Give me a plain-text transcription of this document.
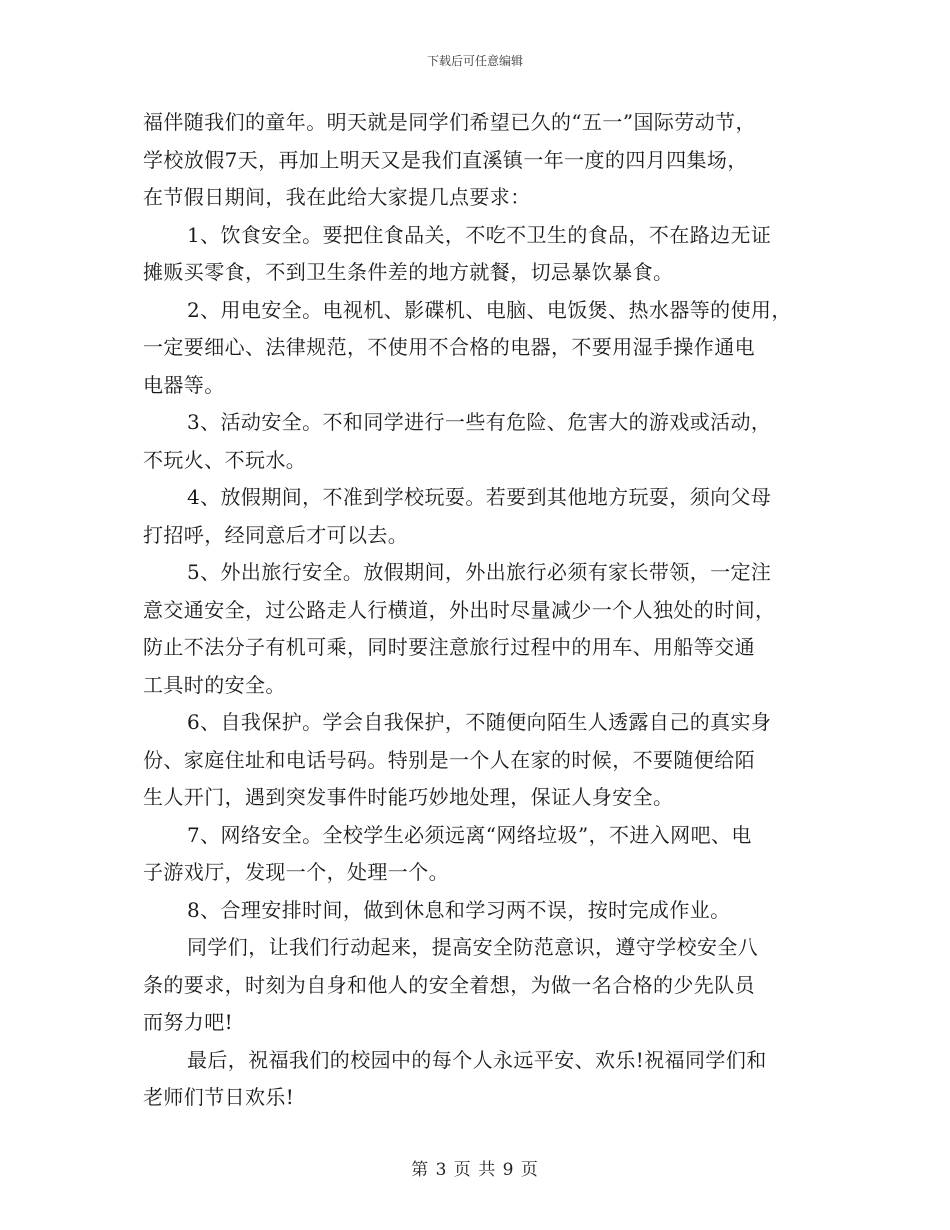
下载后可任意编辑
福伴随我们的童年。明天就是同学们希望已久的“五一”国际劳动节，
学校放假7天，再加上明天又是我们直溪镇一年一度的四月四集场，
在节假日期间，我在此给大家提几点要求：
1、饮食安全。要把住食品关，不吃不卫生的食品，不在路边无证
摊贩买零食，不到卫生条件差的地方就餐，切忌暴饮暴食。
2、用电安全。电视机、影碟机、电脑、电饭煲、热水器等的使用，
一定要细心、法律规范，不使用不合格的电器，不要用湿手操作通电
电器等。
3、活动安全。不和同学进行一些有危险、危害大的游戏或活动，
不玩火、不玩水。
4、放假期间，不准到学校玩耍。若要到其他地方玩耍，须向父母
打招呼，经同意后才可以去。
5、外出旅行安全。放假期间，外出旅行必须有家长带领，一定注
意交通安全，过公路走人行横道，外出时尽量减少一个人独处的时间，
防止不法分子有机可乘，同时要注意旅行过程中的用车、用船等交通
工具时的安全。
6、自我保护。学会自我保护，不随便向陌生人透露自己的真实身
份、家庭住址和电话号码。特别是一个人在家的时候，不要随便给陌
生人开门，遇到突发事件时能巧妙地处理，保证人身安全。
7、网络安全。全校学生必须远离“网络垃圾”，不进入网吧、电
子游戏厅，发现一个，处理一个。
8、合理安排时间，做到休息和学习两不误，按时完成作业。
同学们，让我们行动起来，提高安全防范意识，遵守学校安全八
条的要求，时刻为自身和他人的安全着想，为做一名合格的少先队员
而努力吧!
最后，祝福我们的校园中的每个人永远平安、欢乐!祝福同学们和
老师们节日欢乐!
第 3 页 共 9 页
